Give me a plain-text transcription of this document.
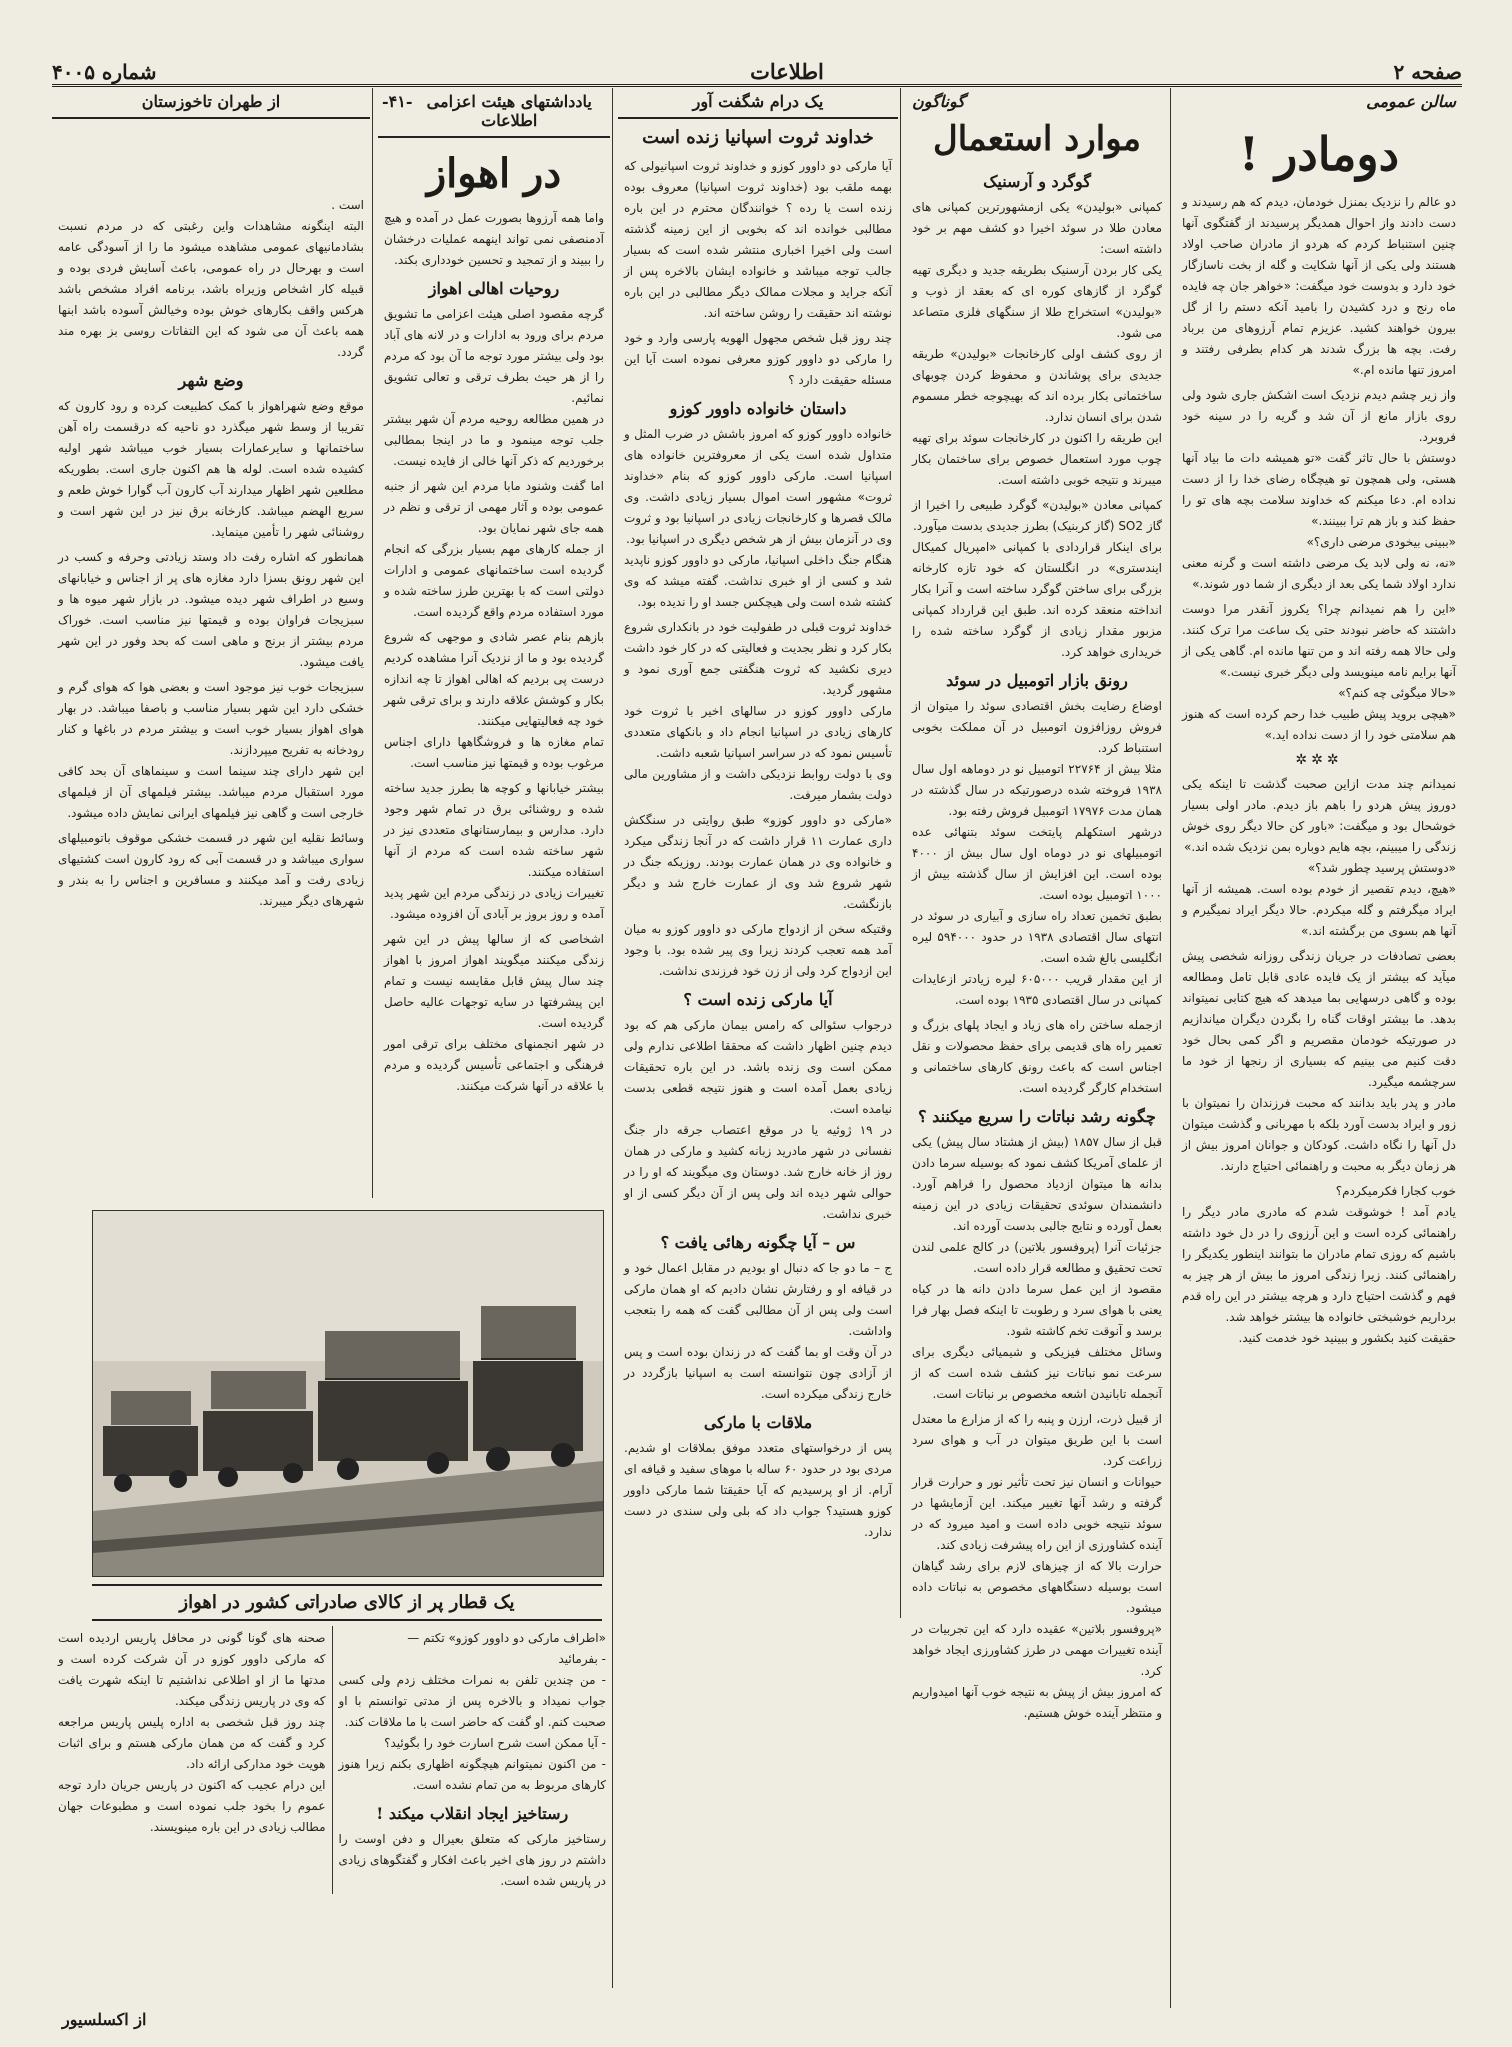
صفحه ۲
اطلاعات
شماره ۴۰۰۵
سالن عمومی
دومادر !

دو عالم را نزدیک بمنزل خودمان، دیدم که هم رسیدند و دست دادند واز احوال همدیگر پرسیدند از گفتگوی آنها چنین استنباط کردم که هردو از مادران صاحب اولاد هستند ولی یکی از آنها شکایت و گله از بخت ناسازگار خود دارد و بدوست خود میگفت: «خواهر جان چه فایده ماه رنج و درد کشیدن را بامید آنکه دستم را از گل بیرون خواهند کشید. عزیزم تمام آرزوهای من برباد رفت. بچه ها بزرگ شدند هر کدام بطرفی رفتند و امروز تنها مانده ام.»

واز زیر چشم دیدم نزدیک است اشکش جاری شود ولی روی بازار مانع از آن شد و گریه را در سینه خود فروبرد.
دوستش با حال تاثر گفت «تو همیشه دات ما بیاد آنها هستی، ولی همچون تو هیچگاه رضای خدا را از دست نداده ام. دعا میکنم که خداوند سلامت بچه های تو را حفظ کند و باز هم ترا ببینند.»
«ببینی بیخودی مرضی داری؟»
«نه، نه ولی لابد یک مرضی داشته است و گرنه معنی ندارد اولاد شما یکی بعد از دیگری از شما دور شوند.»

«این را هم نمیدانم چرا؟ یکروز آنقدر مرا دوست داشتند که حاضر نبودند حتی یک ساعت مرا ترک کنند. ولی حالا همه رفته اند و من تنها مانده ام. گاهی یکی از آنها برایم نامه مینویسد ولی دیگر خبری نیست.»
«حالا میگوئی چه کنم؟»
«هیچی بروید پیش طبیب خدا رحم کرده است که هنوز هم سلامتی خود را از دست نداده اید.»

✲✲✲

نمیدانم چند مدت ازاین صحبت گذشت تا اینکه یکی دوروز پیش هردو را باهم باز دیدم. مادر اولی بسیار خوشحال بود و میگفت: «باور کن حالا دیگر روی خوش زندگی را میبینم، بچه هایم دوباره بمن نزدیک شده اند.»
«دوستش پرسید چطور شد؟»
«هیچ، دیدم تقصیر از خودم بوده است. همیشه از آنها ایراد میگرفتم و گله میکردم. حالا دیگر ایراد نمیگیرم و آنها هم بسوی من برگشته اند.»

بعضی تصادفات در جریان زندگی روزانه شخصی پیش میآید که بیشتر از یک فایده عادی قابل تامل ومطالعه بوده و گاهی درسهایی بما میدهد که هیچ کتابی نمیتواند بدهد. ما بیشتر اوقات گناه را بگردن دیگران میاندازیم در صورتیکه خودمان مقصریم و اگر کمی بحال خود دقت کنیم می بینیم که بسیاری از رنجها از خود ما سرچشمه میگیرد.
مادر و پدر باید بدانند که محبت فرزندان را نمیتوان با زور و ایراد بدست آورد بلکه با مهربانی و گذشت میتوان دل آنها را نگاه داشت. کودکان و جوانان امروز بیش از هر زمان دیگر به محبت و راهنمائی احتیاج دارند.

خوب کجارا فکرمیکردم؟
یادم آمد ! خوشوقت شدم که مادری مادر دیگر را راهنمائی کرده است و این آرزوی را در دل خود داشته باشیم که روزی تمام مادران ما بتوانند اینطور یکدیگر را راهنمائی کنند. زیرا زندگی امروز ما بیش از هر چیز به فهم و گذشت احتیاج دارد و هرچه بیشتر در این راه قدم برداریم خوشبختی خانواده ها بیشتر خواهد شد.
حقیقت کنید بکشور و ببینید خود خدمت کنید.

گوناگون
موارد استعمال
گوگرد و آرسنیک

کمپانی «بولیدن» یکی ازمشهورترین کمپانی های معادن طلا در سوئد اخیرا دو کشف مهم بر خود داشته است:
یکی کار بردن آرسنیک بطریقه جدید و دیگری تهیه گوگرد از گازهای کوره ای که بعقد از ذوب و «بولیدن» استخراج طلا از سنگهای فلزی متصاعد می شود.
از روی کشف اولی کارخانجات «بولیدن» طریقه جدیدی برای پوشاندن و محفوظ کردن چوبهای ساختمانی بکار برده اند که بهیچوجه خطر مسموم شدن برای انسان ندارد.
این طریقه را اکنون در کارخانجات سوئد برای تهیه چوب مورد استعمال خصوص برای ساختمان بکار میبرند و نتیجه خوبی داشته است.

کمپانی معادن «بولیدن» گوگرد طبیعی را اخیرا از گاز SO2 (گاز کربنیک) بطرز جدیدی بدست میآورد.
برای اینکار قراردادی با کمپانی «امپریال کمیکال ایندستری» در انگلستان که خود تازه کارخانه بزرگی برای ساختن گوگرد ساخته است و آنرا بکار انداخته منعقد کرده اند. طبق این قرارداد کمپانی مزبور مقدار زیادی از گوگرد ساخته شده را خریداری خواهد کرد.

رونق بازار اتومبیل در سوئد

اوضاع رضایت بخش اقتصادی سوئد را میتوان از فروش روزافزون اتومبیل در آن مملکت بخوبی استنباط کرد.
مثلا بیش از ۲۲۷۶۴ اتومبیل نو در دوماهه اول سال ۱۹۳۸ فروخته شده درصورتیکه در سال گذشته در همان مدت ۱۷۹۷۶ اتومبیل فروش رفته بود.
درشهر استکهلم پایتخت سوئد بتنهائی عده اتومبیلهای نو در دوماه اول سال بیش از ۴۰۰۰ بوده است. این افزایش از سال گذشته بیش از ۱۰۰۰ اتومبیل بوده است.
بطبق تخمین تعداد راه سازی و آبیاری در سوئد در انتهای سال اقتصادی ۱۹۳۸ در حدود ۵۹۴۰۰۰ لیره انگلیسی بالغ شده است.
از این مقدار قریب ۶۰۵۰۰۰ لیره زیادتر ازعایدات کمپانی در سال اقتصادی ۱۹۳۵ بوده است.

ازجمله ساختن راه های زیاد و ایجاد پلهای بزرگ و تعمیر راه های قدیمی برای حفظ محصولات و نقل اجناس است که باعث رونق کارهای ساختمانی و استخدام کارگر گردیده است.

چگونه رشد نباتات را سریع میکنند ؟

قبل از سال ۱۸۵۷ (بیش از هشتاد سال پیش) یکی از علمای آمریکا کشف نمود که بوسیله سرما دادن بدانه ها میتوان ازدیاد محصول را فراهم آورد. دانشمندان سوئدی تحقیقات زیادی در این زمینه بعمل آورده و نتایج جالبی بدست آورده اند.
جزئیات آنرا (پروفسور بلاتین) در کالج علمی لندن تحت تحقیق و مطالعه قرار داده است.
مقصود از این عمل سرما دادن دانه ها در کیاه یعنی با هوای سرد و رطوبت تا اینکه فصل بهار فرا برسد و آنوقت تخم کاشته شود.
وسائل مختلف فیزیکی و شیمیائی دیگری برای سرعت نمو نباتات نیز کشف شده است که از آنجمله تابانیدن اشعه مخصوص بر نباتات است.

از قبیل ذرت، ارزن و پنبه را که از مزارع ما معتدل است با این طریق میتوان در آب و هوای سرد زراعت کرد.
حیوانات و انسان نیز تحت تأثیر نور و حرارت قرار گرفته و رشد آنها تغییر میکند. این آزمایشها در سوئد نتیجه خوبی داده است و امید میرود که در آینده کشاورزی از این راه پیشرفت زیادی کند.
حرارت بالا که از چیزهای لازم برای رشد گیاهان است بوسیله دستگاههای مخصوص به نباتات داده میشود.
«پروفسور بلاتین» عقیده دارد که این تجربیات در آینده تغییرات مهمی در طرز کشاورزی ایجاد خواهد کرد.
که امروز بیش از پیش به نتیجه خوب آنها امیدواریم و منتظر آینده خوش هستیم.

یک درام شگفت آور
خداوند ثروت اسپانیا زنده است

آیا مارکی دو داوور کوزو و خداوند ثروت اسپانیولی که بهمه ملقب بود (خداوند ثروت اسپانیا) معروف بوده زنده است یا رده ؟ خوانندگان محترم در این باره مطالبی خوانده اند که بخوبی از این زمینه گذشته است ولی اخیرا اخباری منتشر شده است که بسیار جالب توجه میباشد و خانواده ایشان بالاخره پس از آنکه جراید و مجلات ممالک دیگر مطالبی در این باره نوشته اند حقیقت را روشن ساخته اند.

چند روز قبل شخص مجهول الهویه پارسی وارد و خود را مارکی دو داوور کوزو معرفی نموده است آیا این مسئله حقیقت دارد ؟

داستان خانواده داوور کوزو

خانواده داوور کوزو که امروز باشش در ضرب المثل و متداول شده است یکی از معروفترین خانواده های اسپانیا است. مارکی داوور کوزو که بنام «خداوند ثروت» مشهور است اموال بسیار زیادی داشت. وی مالک قصرها و کارخانجات زیادی در اسپانیا بود و ثروت وی در آنزمان بیش از هر شخص دیگری در اسپانیا بود.
هنگام جنگ داخلی اسپانیا، مارکی دو داوور کوزو ناپدید شد و کسی از او خبری نداشت. گفته میشد که وی کشته شده است ولی هیچکس جسد او را ندیده بود.

خداوند ثروت قبلی در طفولیت خود در بانکداری شروع بکار کرد و نظر بجدیت و فعالیتی که در کار خود داشت دیری نکشید که ثروت هنگفتی جمع آوری نمود و مشهور گردید.
مارکی داوور کوزو در سالهای اخیر با ثروت خود کارهای زیادی در اسپانیا انجام داد و بانکهای متعددی تأسیس نمود که در سراسر اسپانیا شعبه داشت.
وی با دولت روابط نزدیکی داشت و از مشاورین مالی دولت بشمار میرفت.

«مارکی دو داوور کوزو» طبق روایتی در سنگکش داری عمارت ۱۱ قرار داشت که در آنجا زندگی میکرد و خانواده وی در همان عمارت بودند. روزیکه جنگ در شهر شروع شد وی از عمارت خارج شد و دیگر بازنگشت.

وقتیکه سخن از ازدواج مارکی دو داوور کوزو به میان آمد همه تعجب کردند زیرا وی پیر شده بود. با وجود این ازدواج کرد ولی از زن خود فرزندی نداشت.

آیا مارکی زنده است ؟

درجواب سئوالی که رامس بیمان مارکی هم که بود دیدم چنین اظهار داشت که محققا اطلاعی ندارم ولی ممکن است وی زنده باشد. در این باره تحقیقات زیادی بعمل آمده است و هنوز نتیجه قطعی بدست نیامده است.
در ۱۹ ژوئیه یا در موقع اعتصاب جرقه دار جنگ نفسانی در شهر مادرید زبانه کشید و مارکی در همان روز از خانه خارج شد. دوستان وی میگویند که او را در حوالی شهر دیده اند ولی پس از آن دیگر کسی از او خبری نداشت.

س – آیا چگونه رهائی یافت ؟

ج – ما دو جا که دنبال او بودیم در مقابل اعمال خود و در قیافه او و رفتارش نشان دادیم که او همان مارکی است ولی پس از آن مطالبی گفت که همه را بتعجب واداشت.
در آن وقت او بما گفت که در زندان بوده است و پس از آزادی چون نتوانسته است به اسپانیا بازگردد در خارج زندگی میکرده است.

ملاقات با مارکی

پس از درخواستهای متعدد موفق بملاقات او شدیم. مردی بود در حدود ۶۰ ساله با موهای سفید و قیافه ای آرام. از او پرسیدیم که آیا حقیقتا شما مارکی داوور کوزو هستید؟ جواب داد که بلی ولی سندی در دست ندارد.

یادداشتهای هیئت اعزامی اطلاعات
-۴۱-
در اهواز

واما همه آرزوها بصورت عمل در آمده و هیچ آدمنصفی نمی تواند اینهمه عملیات درخشان را ببیند و از تمجید و تحسین خودداری بکند.

روحیات اهالی اهواز

گرچه مقصود اصلی هیئت اعزامی ما تشویق مردم برای ورود به ادارات و در لانه های آباد بود ولی بیشتر مورد توجه ما آن بود که مردم را از هر حیث بطرف ترقی و تعالی تشویق نمائیم.
در همین مطالعه روحیه مردم آن شهر بیشتر جلب توجه مینمود و ما در اینجا بمطالبی برخوردیم که ذکر آنها خالی از فایده نیست.

اما گفت وشنود مابا مردم این شهر از جنبه عمومی بوده و آثار مهمی از ترقی و نظم در همه جای شهر نمایان بود.
از جمله کارهای مهم بسیار بزرگی که انجام گردیده است ساختمانهای عمومی و ادارات دولتی است که با بهترین طرز ساخته شده و مورد استفاده مردم واقع گردیده است.

بازهم بنام عصر شادی و موجهی که شروع گردیده بود و ما از نزدیک آنرا مشاهده کردیم درست پی بردیم که اهالی اهواز تا چه اندازه بکار و کوشش علاقه دارند و برای ترقی شهر خود چه فعالیتهایی میکنند.
تمام مغازه ها و فروشگاهها دارای اجناس مرغوب بوده و قیمتها نیز مناسب است.

بیشتر خیابانها و کوچه ها بطرز جدید ساخته شده و روشنائی برق در تمام شهر وجود دارد. مدارس و بیمارستانهای متعددی نیز در شهر ساخته شده است که مردم از آنها استفاده میکنند.
تغییرات زیادی در زندگی مردم این شهر پدید آمده و روز بروز بر آبادی آن افزوده میشود.

اشخاصی که از سالها پیش در این شهر زندگی میکنند میگویند اهواز امروز با اهواز چند سال پیش قابل مقایسه نیست و تمام این پیشرفتها در سایه توجهات عالیه حاصل گردیده است.
در شهر انجمنهای مختلف برای ترقی امور فرهنگی و اجتماعی تأسیس گردیده و مردم با علاقه در آنها شرکت میکنند.

از طهران تاخوزستان

است .
البته اینگونه مشاهدات واین رغبتی که در مردم نسبت بشادمانیهای عمومی مشاهده میشود ما را از آسودگی عامه است و بهرحال در راه عمومی، باعث آسایش فردی بوده و قبیله کار اشخاص وزیراه باشد، برنامه افراد مشخص باشد هرکس واقف بکارهای خوش بوده وخیالش آسوده باشد ابنها همه باعث آن می شود که این التفاتات روسی بز بهره مند گردد.

وضع شهر

موقع وضع شهراهواز با کمک کطبیعت کرده و رود کارون که تقریبا از وسط شهر میگذرد دو ناحیه که درقسمت راه آهن ساختمانها و سایرعمارات بسیار خوب میباشد شهر اولیه کشیده شده است. لوله ها هم اکنون جاری است. بطوریکه مطلعین شهر اظهار میدارند آب کارون آب گوارا خوش طعم و سریع الهضم میباشد. کارخانه برق نیز در این شهر است و روشنائی شهر را تأمین مینماید.

همانطور که اشاره رفت داد وستد زیادتی وحرفه و کسب در این شهر رونق بسزا دارد مغازه های پر از اجناس و خیابانهای وسیع در اطراف شهر دیده میشود. در بازار شهر میوه ها و سبزیجات فراوان بوده و قیمتها نیز مناسب است. خوراک مردم بیشتر از برنج و ماهی است که بحد وفور در این شهر یافت میشود.

سبزیجات خوب نیز موجود است و بعضی هوا که هوای گرم و خشکی دارد این شهر بسیار مناسب و باصفا میباشد. در بهار هوای اهواز بسیار خوب است و بیشتر مردم در باغها و کنار رودخانه به تفریح میپردازند.
این شهر دارای چند سینما است و سینماهای آن بحد کافی مورد استقبال مردم میباشد. بیشتر فیلمهای آن از فیلمهای خارجی است و گاهی نیز فیلمهای ایرانی نمایش داده میشود.

وسائط نقلیه این شهر در قسمت خشکی موقوف باتومبیلهای سواری میباشد و در قسمت آبی که رود کارون است کشتیهای زیادی رفت و آمد میکنند و مسافرین و اجناس را به بندر و شهرهای دیگر میبرند.

یک قطار پر از کالای صادراتی کشور در اهواز

«اطراف مارکی دو داوور کوزو» تکتم —
- بفرمائید
- من چندین تلفن به نمرات مختلف زدم ولی کسی جواب نمیداد و بالاخره پس از مدتی توانستم با او صحبت کنم. او گفت که حاضر است با ما ملاقات کند.
- آیا ممکن است شرح اسارت خود را بگوئید؟
- من اکنون نمیتوانم هیچگونه اظهاری بکنم زیرا هنوز کارهای مربوط به من تمام نشده است.

رستاخیز ایجاد انقلاب میکند !

رستاخیز مارکی که متعلق بعیرال و دفن اوست را داشتم در روز های اخیر باعث افکار و گفتگوهای زیادی در پاریس شده است.

صحنه های گونا گونی در محافل پاریس اردیده است که مارکی داوور کوزو در آن شرکت کرده است و مدتها ما از او اطلاعی نداشتیم تا اینکه شهرت یافت که وی در پاریس زندگی میکند.
چند روز قبل شخصی به اداره پلیس پاریس مراجعه کرد و گفت که من همان مارکی هستم و برای اثبات هویت خود مدارکی ارائه داد.
این درام عجیب که اکنون در پاریس جریان دارد توجه عموم را بخود جلب نموده است و مطبوعات جهان مطالب زیادی در این باره مینویسند.

از اکسلسیور
